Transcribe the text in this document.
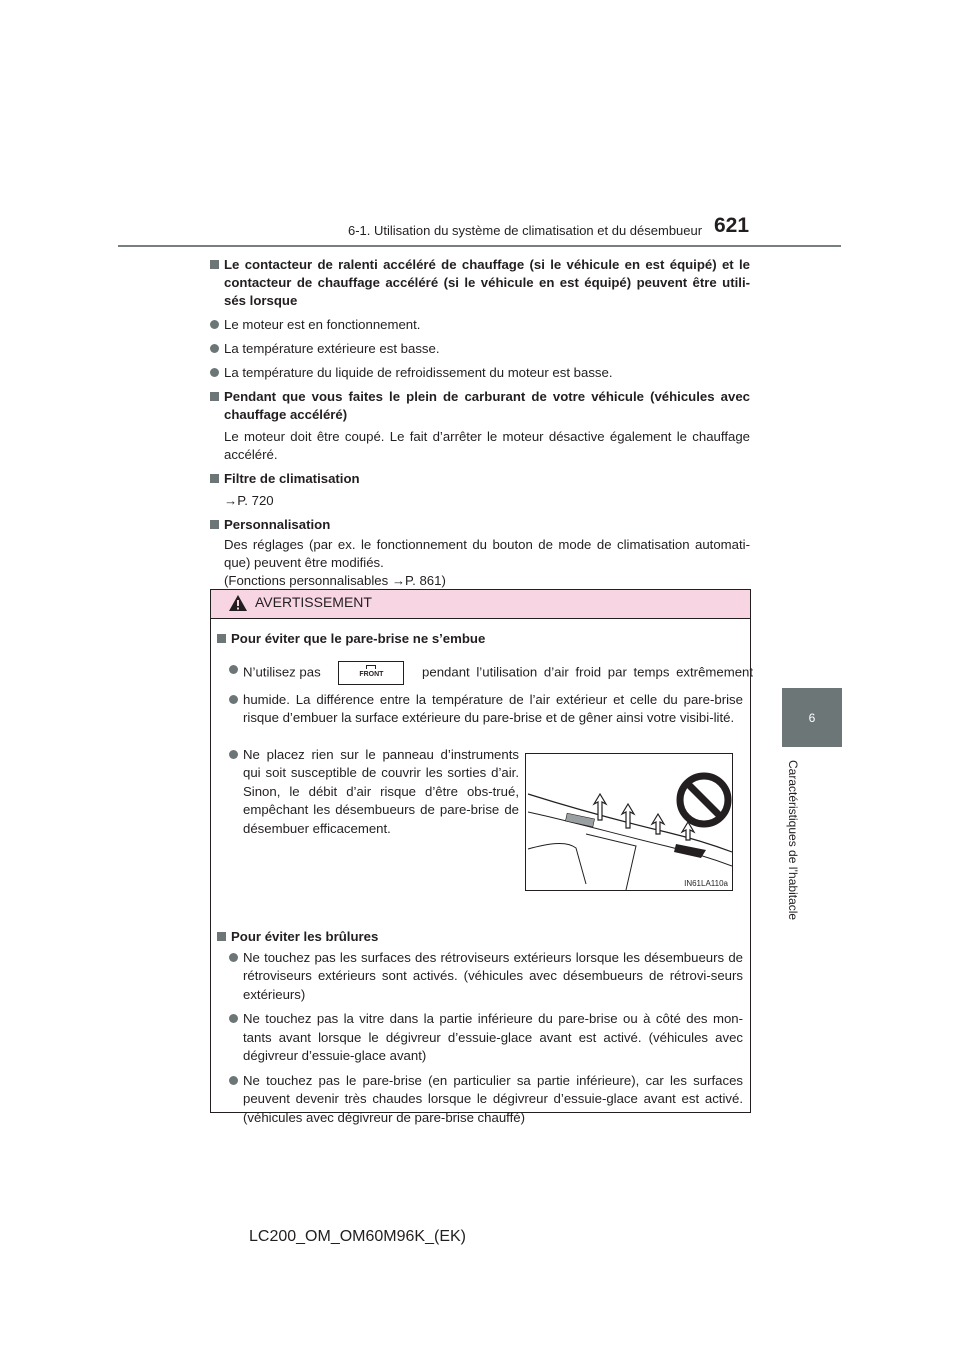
6-1. Utilisation du système de climatisation et du désembueur 621
6
Caractéristiques de l’habitacle
Le contacteur de ralenti accéléré de chauffage (si le véhicule en est équipé) et le contacteur de chauffage accéléré (si le véhicule en est équipé) peuvent être utili-sés lorsque
Le moteur est en fonctionnement.
La température extérieure est basse.
La température du liquide de refroidissement du moteur est basse.
Pendant que vous faites le plein de carburant de votre véhicule (véhicules avec chauffage accéléré)
Le moteur doit être coupé. Le fait d’arrêter le moteur désactive également le chauffage accéléré.
Filtre de climatisation
→P. 720
Personnalisation
Des réglages (par ex. le fonctionnement du bouton de mode de climatisation automati-que) peuvent être modifiés.
(Fonctions personnalisables →P. 861)
AVERTISSEMENT
Pour éviter que le pare-brise ne s’embue
N’utilisez pas	FRONT	pendant l’utilisation d’air froid par temps extrêmement
humide. La différence entre la température de l’air extérieur et celle du pare-brise risque d’embuer la surface extérieure du pare-brise et de gêner ainsi votre visibi-lité.
Ne placez rien sur le panneau d’instruments qui soit susceptible de couvrir les sorties d’air. Sinon, le débit d’air risque d’être obs-trué, empêchant les désembueurs de pare-brise de désembuer efficacement.
Pour éviter les brûlures
Ne touchez pas les surfaces des rétroviseurs extérieurs lorsque les désembueurs de rétroviseurs extérieurs sont activés. (véhicules avec désembueurs de rétrovi-seurs extérieurs)
Ne touchez pas la vitre dans la partie inférieure du pare-brise ou à côté des mon-tants avant lorsque le dégivreur d’essuie-glace avant est activé. (véhicules avec dégivreur d’essuie-glace avant)
Ne touchez pas le pare-brise (en particulier sa partie inférieure), car les surfaces peuvent devenir très chaudes lorsque le dégivreur d’essuie-glace avant est activé. (véhicules avec dégivreur de pare-brise chauffé)
IN61LA110a
LC200_OM_OM60M96K_(EK)
